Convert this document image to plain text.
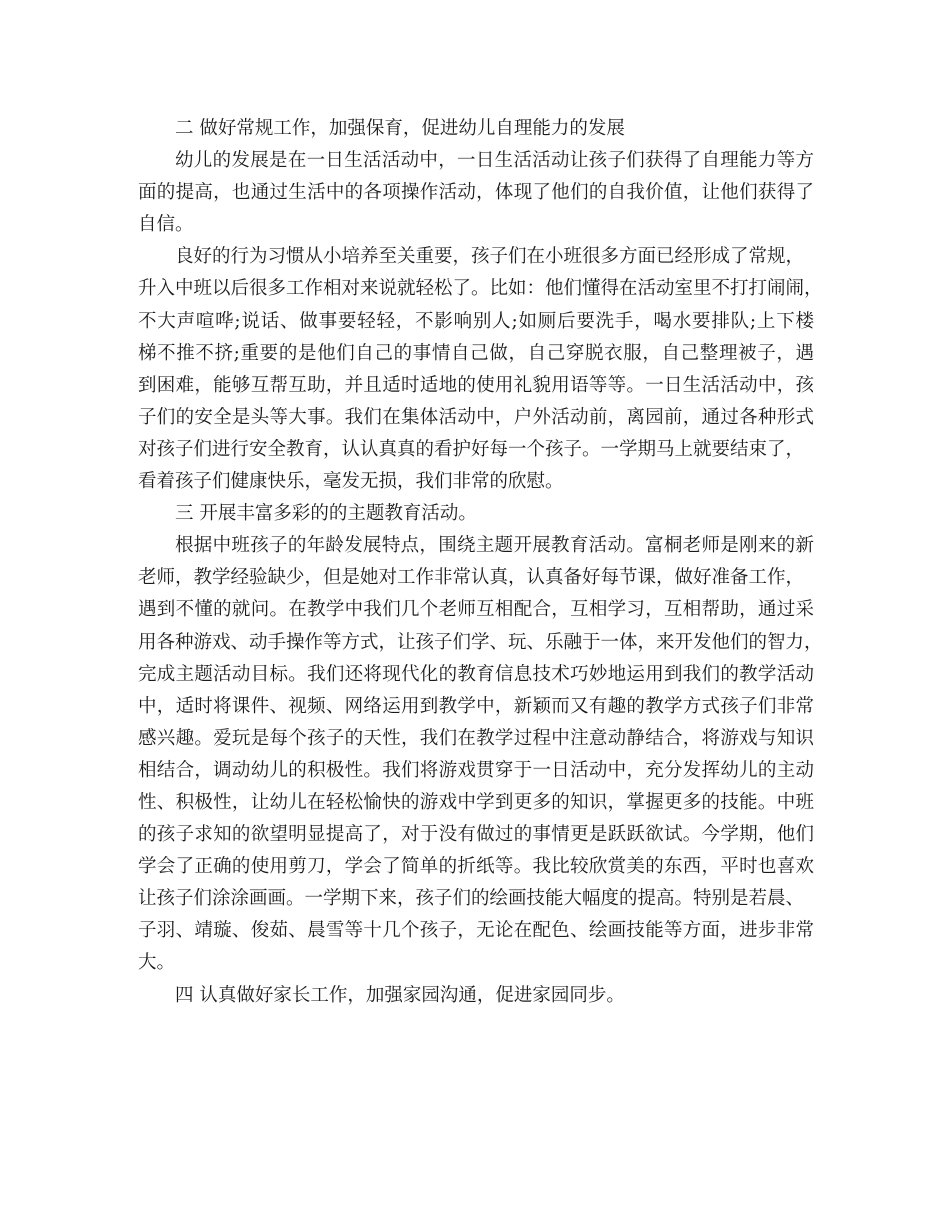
二 做好常规工作，加强保育，促进幼儿自理能力的发展
幼儿的发展是在一日生活活动中，一日生活活动让孩子们获得了自理能力等方
面的提高，也通过生活中的各项操作活动，体现了他们的自我价值，让他们获得了
自信。
良好的行为习惯从小培养至关重要，孩子们在小班很多方面已经形成了常规，
升入中班以后很多工作相对来说就轻松了。比如：他们懂得在活动室里不打打闹闹，
不大声喧哗;说话、做事要轻轻，不影响别人;如厕后要洗手，喝水要排队;上下楼
梯不推不挤;重要的是他们自己的事情自己做，自己穿脱衣服，自己整理被子，遇
到困难，能够互帮互助，并且适时适地的使用礼貌用语等等。一日生活活动中，孩
子们的安全是头等大事。我们在集体活动中，户外活动前，离园前，通过各种形式
对孩子们进行安全教育，认认真真的看护好每一个孩子。一学期马上就要结束了，
看着孩子们健康快乐，毫发无损，我们非常的欣慰。
三 开展丰富多彩的的主题教育活动。
根据中班孩子的年龄发展特点，围绕主题开展教育活动。富桐老师是刚来的新
老师，教学经验缺少，但是她对工作非常认真，认真备好每节课，做好准备工作，
遇到不懂的就问。在教学中我们几个老师互相配合，互相学习，互相帮助，通过采
用各种游戏、动手操作等方式，让孩子们学、玩、乐融于一体，来开发他们的智力，
完成主题活动目标。我们还将现代化的教育信息技术巧妙地运用到我们的教学活动
中，适时将课件、视频、网络运用到教学中，新颖而又有趣的教学方式孩子们非常
感兴趣。爱玩是每个孩子的天性，我们在教学过程中注意动静结合，将游戏与知识
相结合，调动幼儿的积极性。我们将游戏贯穿于一日活动中，充分发挥幼儿的主动
性、积极性，让幼儿在轻松愉快的游戏中学到更多的知识，掌握更多的技能。中班
的孩子求知的欲望明显提高了，对于没有做过的事情更是跃跃欲试。今学期，他们
学会了正确的使用剪刀，学会了简单的折纸等。我比较欣赏美的东西，平时也喜欢
让孩子们涂涂画画。一学期下来，孩子们的绘画技能大幅度的提高。特别是若晨、
子羽、靖璇、俊茹、晨雪等十几个孩子，无论在配色、绘画技能等方面，进步非常
大。
四 认真做好家长工作，加强家园沟通，促进家园同步。
